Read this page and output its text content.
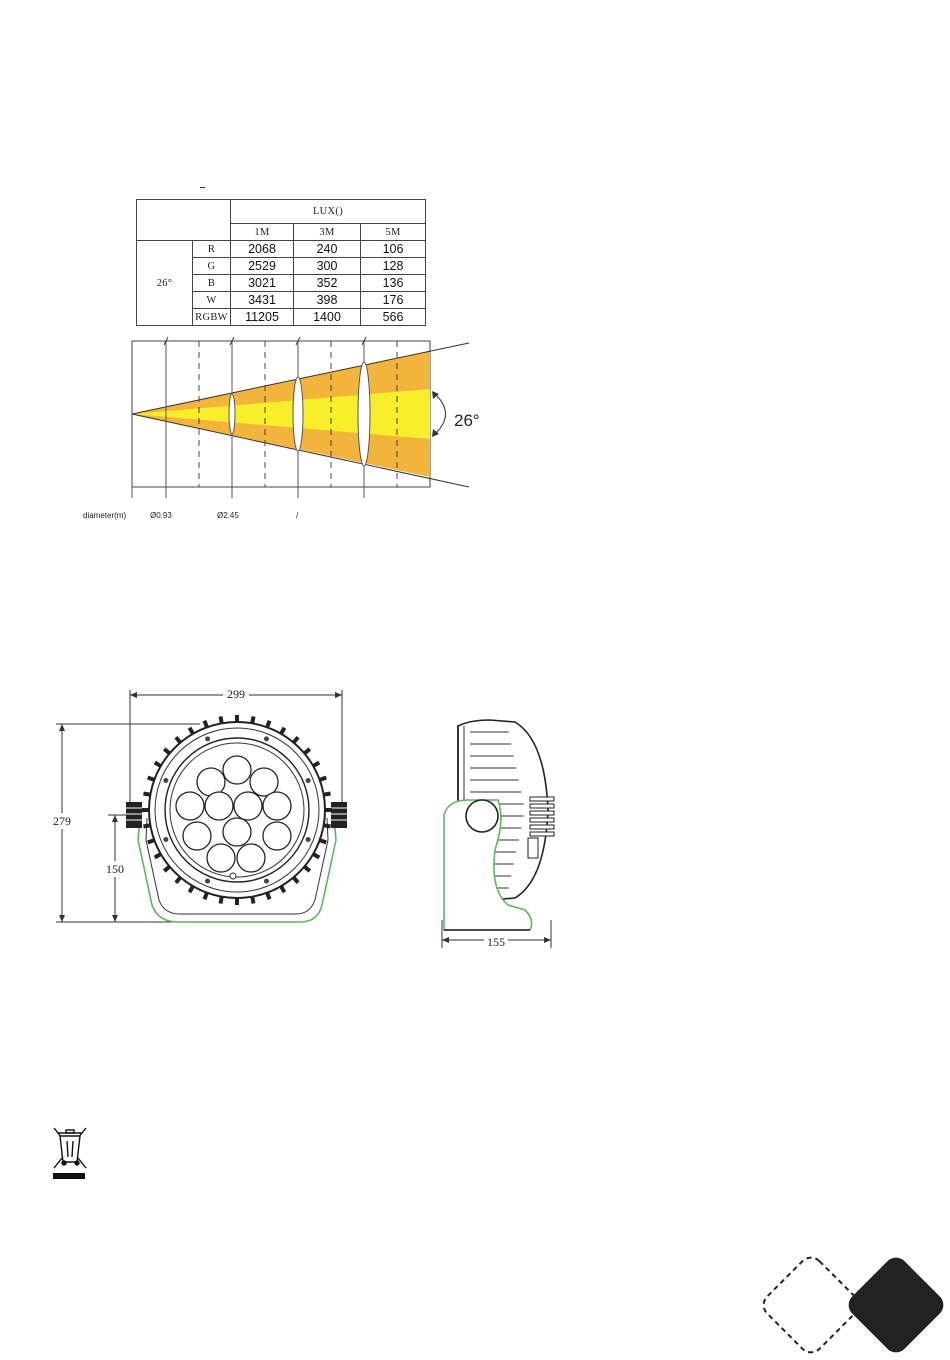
		LUX()		
		1M	3M	5M
26°	R	2068	240	106
	G	2529	300	128
	B	3021	352	136
	W	3431	398	176
	RGBW	11205	1400	566
26°
diameter(m)	Ø0.93	Ø2.45	/
299
279
150
155
